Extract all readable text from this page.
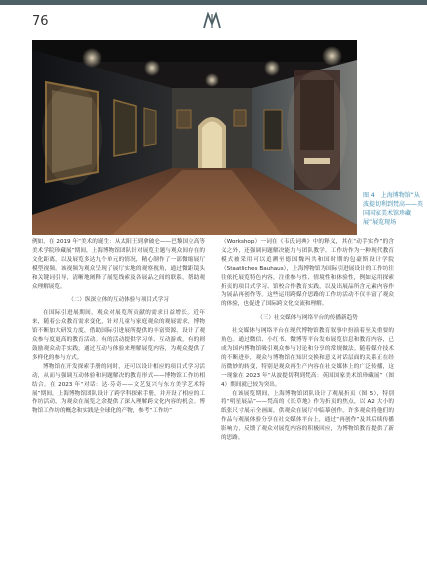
76
图 4　上海博物馆“从波提切利到梵高——英国国家美术馆珍藏展”展览现场

例如，在 2019 年“美术的诞生：从太阳王到拿破仑——巴黎国立高等美术学院珍藏展”期间，上海博物馆团队针对展览主题与观众间存在的文化距离，以及展览多达九个单元的情况，精心制作了一部微缩展厅模型视频。该视频为观众呈现了展厅实地的观察视角，通过微距镜头和关键词引导，清晰地阐释了展览线索及各展品之间的联系，帮助观众理解展览。

（二）纵深立体的互动体验与项目式学习

在国际引进展期间，观众对展览所贡献的需求日益增长。近年来，随着公众教育需求变化，针对儿童与家庭观众的观展需求，博物馆不断加大研发力度，借助国际引进展所提供的丰富资源，设计了观众参与度更高的教育活动。有的活动提供学习单、互动游戏，有的则鼓励观众动手实践，通过互动与体验来理解展览内容，为观众提供了多样化的参与方式。

博物馆在开发探索手册的同时，还可以设计相应的项目式学习活动，从而与强调互动体验和问题解决的教育形式——博物馆工作坊相结合。在 2023 年“对话：达·芬奇——文艺复兴与东方美学艺术特展”期间，上海博物馆团队设计了跨学科探索手册，并开设了相应的工作坊活动，为观众在展览之余提供了深入理解跨文化内容的机会。博物馆工作坊的概念和实践是全球化的产物，参考“工作坊”

（Workshop）一词在《韦氏词典》中的释义，其在“动手实作”的含义之外，还强调问题解决能力与团队教学。工作坊作为一种现代教育模式被采用可以追溯至德国魏玛共和国时期的包豪斯设计学院（Staatliches Bauhaus），上海博物馆为国际引进展设计的工作坊往往依托展览特色内容，注重参与性、情境性和体验性，例如运用探索折页的项目式学习、馆校合作教育实践，以及出展品所含元素内容作为展品再创作等。这些运用跨媒介思路的工作坊活动不仅丰富了观众的体验，也促进了国际跨文化交流和理解。

（三）社交媒体与网络平台的传播新趋势

社交媒体与网络平台在现代博物馆教育叙事中扮演着至关重要的角色。通过微信、小红书、微博等平台发布展览信息和教育内容，已成为国内博物馆吸引观众参与讨论和分享的常规做法。随着媒介技术的不断进步，观众与博物馆在知识交换和意义对话层面的关系正在经历微妙的转变，特别是观众再生产内容在社交媒体上的广泛传播，这一现象在 2023 年“从波提切利到梵高：英国国家美术馆珍藏展”（图 4）期间就已较为突出。

在该展览期间，上海博物馆团队设计了观展折页（图 5），特别将“明星展品”——梵高的《长草地》作为折页的焦点，以 A2 大小的纸张尺寸展示全画面，供观众在展厅中临摹创作。许多观众将他们的作品与观展体验分享在社交媒体平台上，通过“再创作”及其后续传播影响力，反馈了观众对展览内容的积极回应，为博物馆教育提供了新的思路。
